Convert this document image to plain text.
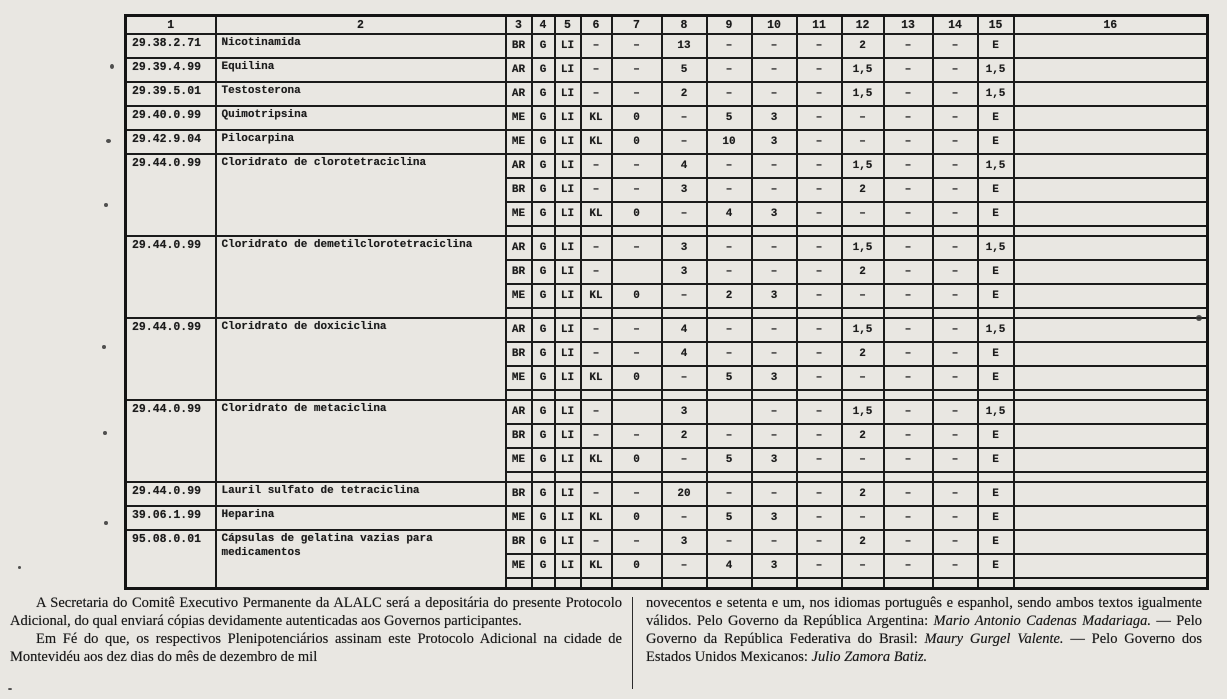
1	2	3	4	5	6	7	8	9	10	11	12	13	14	15	16
29.38.2.71	Nicotinamida	BR	G	LI	–	–	13	–	–	–	2	–	–	E	
29.39.4.99	Equilina	AR	G	LI	–	–	5	–	–	–	1,5	–	–	1,5	
29.39.5.01	Testosterona	AR	G	LI	–	–	2	–	–	–	1,5	–	–	1,5	
29.40.0.99	Quimotripsina	ME	G	LI	KL	0	–	5	3	–	–	–	–	E	
29.42.9.04	Pilocarpina	ME	G	LI	KL	0	–	10	3	–	–	–	–	E	
29.44.0.99	Cloridrato de clorotetraciclina	AR	G	LI	–	–	4	–	–	–	1,5	–	–	1,5	
		BR	G	LI	–	–	3	–	–	–	2	–	–	E	
		ME	G	LI	KL	0	–	4	3	–	–	–	–	E	

29.44.0.99	Cloridrato de demetilclorotetraciclina	AR	G	LI	–	–	3	–	–	–	1,5	–	–	1,5	
		BR	G	LI	–		3	–	–	–	2	–	–	E	
		ME	G	LI	KL	0	–	2	3	–	–	–	–	E	

29.44.0.99	Cloridrato de doxiciclina	AR	G	LI	–	–	4	–	–	–	1,5	–	–	1,5	
		BR	G	LI	–	–	4	–	–	–	2	–	–	E	
		ME	G	LI	KL	0	–	5	3	–	–	–	–	E	

29.44.0.99	Cloridrato de metaciclina	AR	G	LI	–		3		–	–	1,5	–	–	1,5	
		BR	G	LI	–	–	2	–	–	–	2	–	–	E	
		ME	G	LI	KL	0	–	5	3	–	–	–	–	E	

29.44.0.99	Lauril sulfato de tetraciclina	BR	G	LI	–	–	20	–	–	–	2	–	–	E	
39.06.1.99	Heparina	ME	G	LI	KL	0	–	5	3	–	–	–	–	E	
95.08.0.01	Cápsulas de gelatina vazias para medicamentos	BR	G	LI	–	–	3	–	–	–	2	–	–	E	
		ME	G	LI	KL	0	–	4	3	–	–	–	–	E	

A Secretaria do Comitê Executivo Permanente da ALALC será a depositária do presente Protocolo Adicional, do qual enviará cópias devidamente autenticadas aos Governos participantes.

Em Fé do que, os respectivos Plenipotenciários assinam este Protocolo Adicional na cidade de Montevidéu aos dez dias do mês de dezembro de mil

novecentos e setenta e um, nos idiomas português e espanhol, sendo ambos textos igualmente válidos. Pelo Governo da República Argentina: Mario Antonio Cadenas Madariaga. — Pelo Governo da República Federativa do Brasil: Maury Gurgel Valente. — Pelo Governo dos Estados Unidos Mexicanos: Julio Zamora Batiz.
